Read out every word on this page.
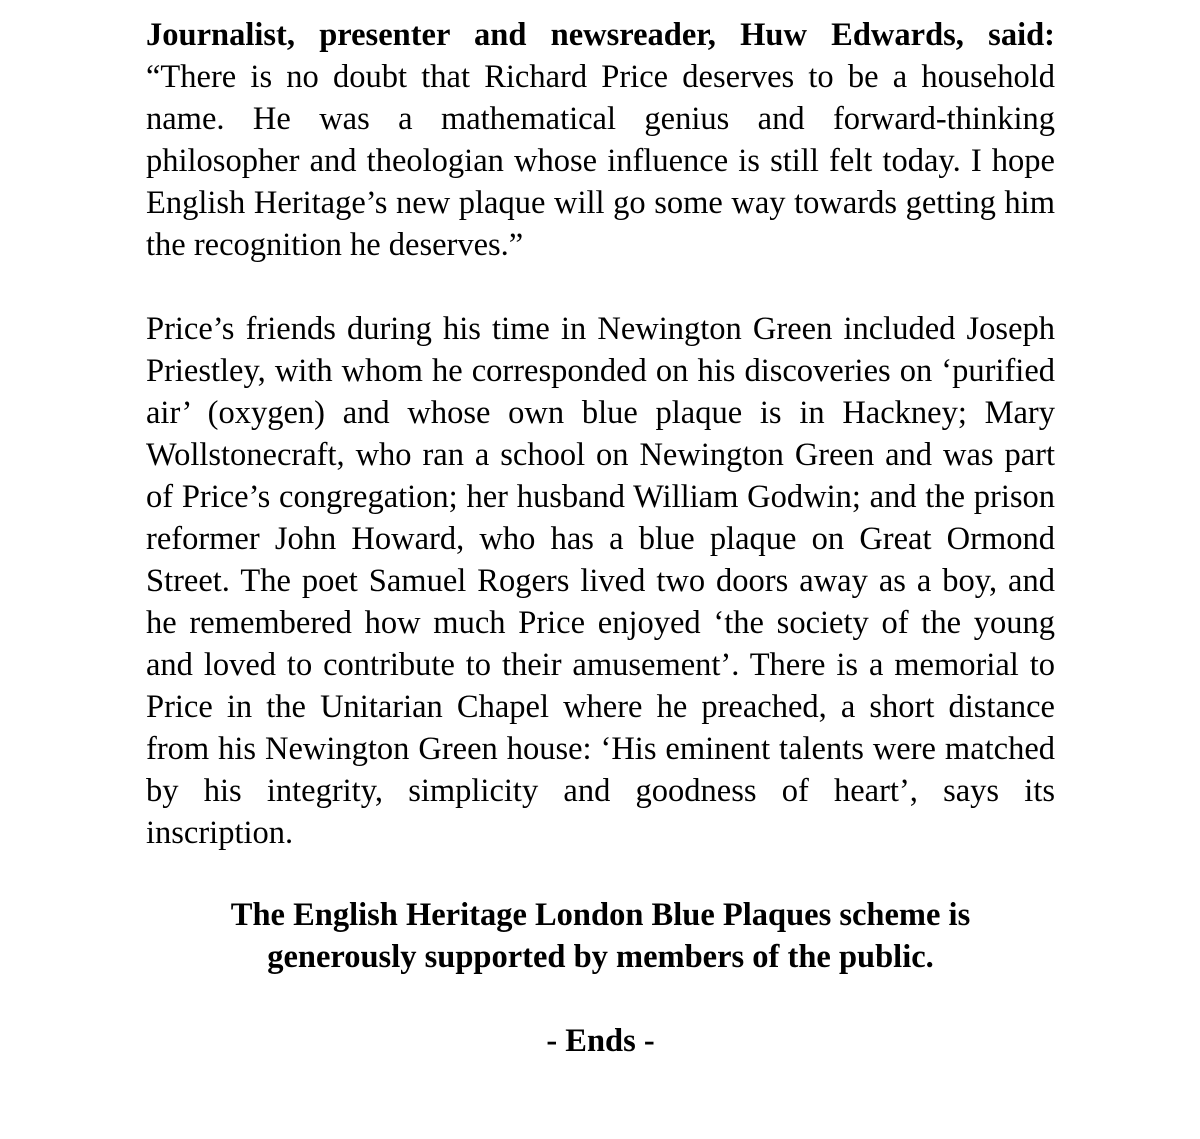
Journalist, presenter and newsreader, Huw Edwards, said: “There is no doubt that Richard Price deserves to be a household name. He was a mathematical genius and forward-thinking philosopher and theologian whose influence is still felt today. I hope English Heritage’s new plaque will go some way towards getting him the recognition he deserves.”

Price’s friends during his time in Newington Green included Joseph Priestley, with whom he corresponded on his discoveries on ‘purified air’ (oxygen) and whose own blue plaque is in Hackney; Mary Wollstonecraft, who ran a school on Newington Green and was part of Price’s congregation; her husband William Godwin; and the prison reformer John Howard, who has a blue plaque on Great Ormond Street. The poet Samuel Rogers lived two doors away as a boy, and he remembered how much Price enjoyed ‘the society of the young and loved to contribute to their amusement’. There is a memorial to Price in the Unitarian Chapel where he preached, a short distance from his Newington Green house: ‘His eminent talents were matched by his integrity, simplicity and goodness of heart’, says its inscription.

The English Heritage London Blue Plaques scheme is
generously supported by members of the public.
- Ends -
